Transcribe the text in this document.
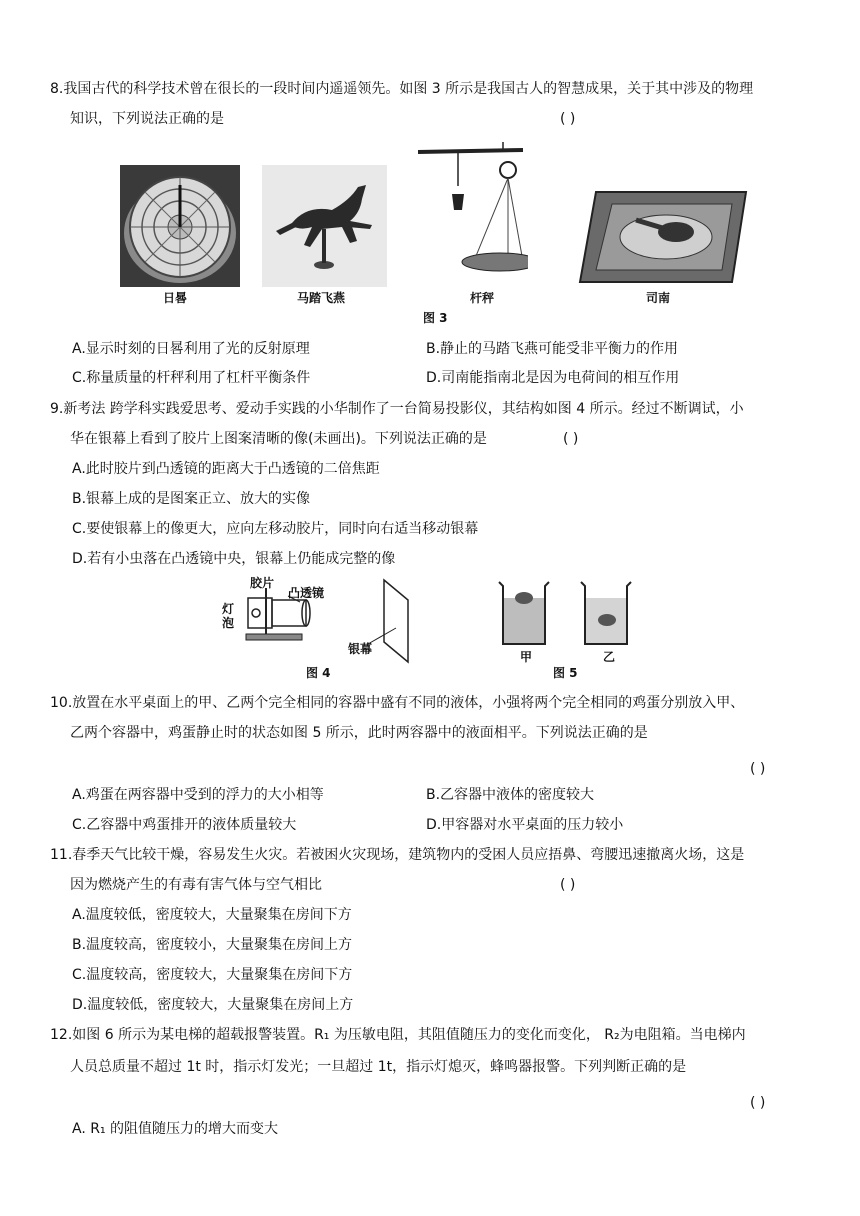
8.我国古代的科学技术曾在很长的一段时间内遥遥领先。如图 3 所示是我国古人的智慧成果，关于其中涉及的物理
知识，下列说法正确的是	( )
日晷	马踏飞燕	杆秤	司南
图 3
A.显示时刻的日晷利用了光的反射原理	B.静止的马踏飞燕可能受非平衡力的作用
C.称量质量的杆秤利用了杠杆平衡条件	D.司南能指南北是因为电荷间的相互作用
9.新考法 跨学科实践爱思考、爱动手实践的小华制作了一台简易投影仪，其结构如图 4 所示。经过不断调试，小
华在银幕上看到了胶片上图案清晰的像(未画出)。下列说法正确的是	( )
A.此时胶片到凸透镜的距离大于凸透镜的二倍焦距
B.银幕上成的是图案正立、放大的实像
C.要使银幕上的像更大，应向左移动胶片，同时向右适当移动银幕
D.若有小虫落在凸透镜中央，银幕上仍能成完整的像
胶片
凸透镜
灯
泡
银幕
图 4
甲	乙
图 5
10.放置在水平桌面上的甲、乙两个完全相同的容器中盛有不同的液体，小强将两个完全相同的鸡蛋分别放入甲、
乙两个容器中，鸡蛋静止时的状态如图 5 所示，此时两容器中的液面相平。下列说法正确的是
( )
A.鸡蛋在两容器中受到的浮力的大小相等	B.乙容器中液体的密度较大
C.乙容器中鸡蛋排开的液体质量较大	D.甲容器对水平桌面的压力较小
11.春季天气比较干燥，容易发生火灾。若被困火灾现场，建筑物内的受困人员应捂鼻、弯腰迅速撤离火场，这是
因为燃烧产生的有毒有害气体与空气相比	( )
A.温度较低，密度较大，大量聚集在房间下方
B.温度较高，密度较小，大量聚集在房间上方
C.温度较高，密度较大，大量聚集在房间下方
D.温度较低，密度较大，大量聚集在房间上方
12.如图 6 所示为某电梯的超载报警装置。R₁ 为压敏电阻，其阻值随压力的变化而变化， R₂为电阻箱。当电梯内
人员总质量不超过 1t 时，指示灯发光；一旦超过 1t，指示灯熄灭，蜂鸣器报警。下列判断正确的是
( )
A. R₁ 的阻值随压力的增大而变大
